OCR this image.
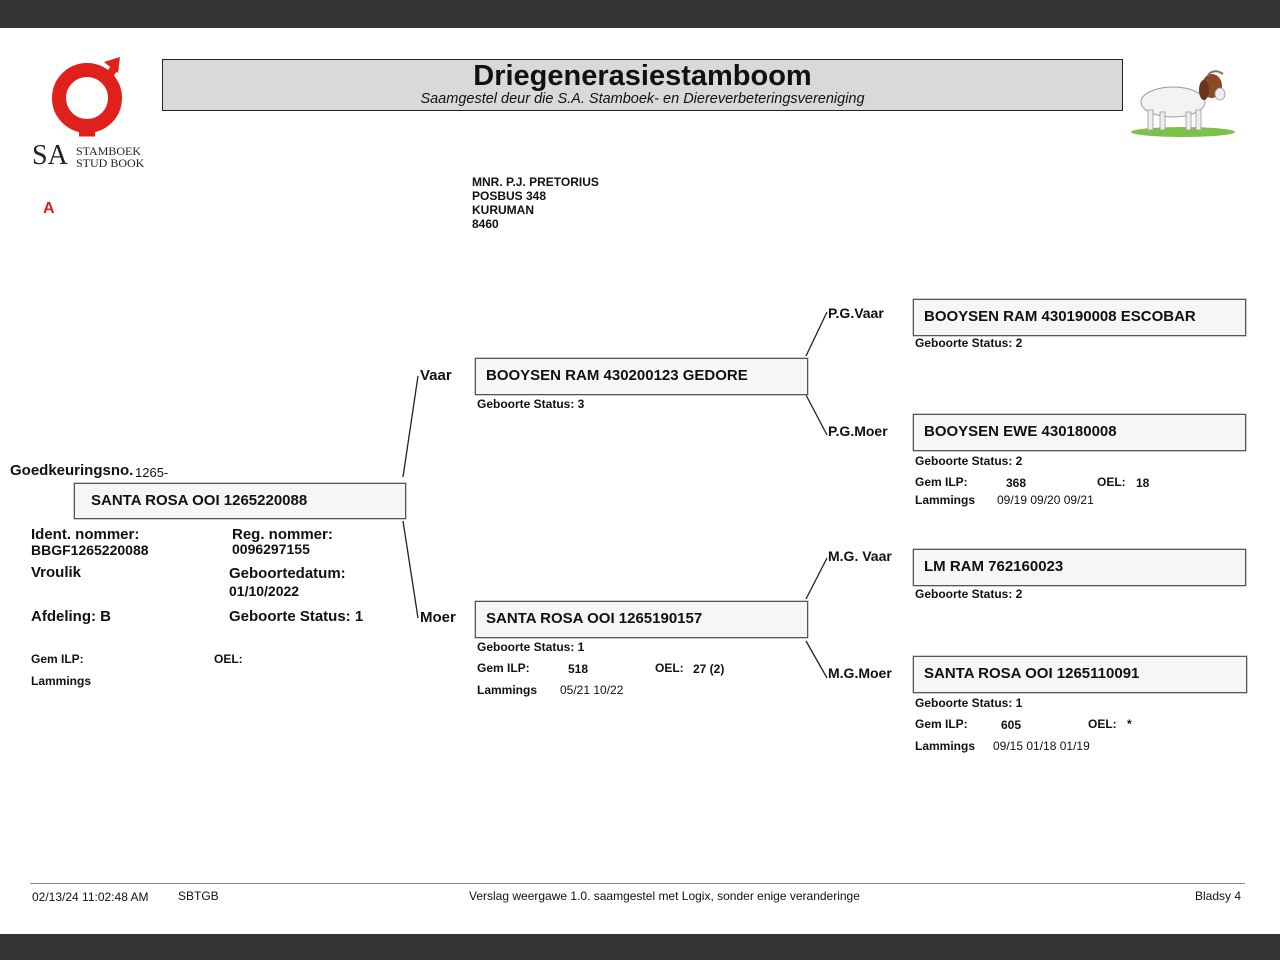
SA STAMBOEK
STUD BOOK
A
Driegenerasiestamboom
Saamgestel deur die S.A. Stamboek- en Diereverbeteringsvereniging
MNR. P.J. PRETORIUS
POSBUS 348
KURUMAN
8460
Goedkeuringsno. 1265-
SANTA ROSA OOI 1265220088
Ident. nommer:
BBGF1265220088
Reg. nommer:
0096297155
Vroulik	Geboortedatum:
01/10/2022
Afdeling: B	Geboorte Status: 1
Gem ILP:	OEL:
Lammings
Vaar BOOYSEN RAM 430200123 GEDORE
Geboorte Status: 3
Moer SANTA ROSA OOI 1265190157
Geboorte Status: 1
Gem ILP:	518	OEL: 27 (2)
Lammings 05/21 10/22
P.G.Vaar	BOOYSEN RAM 430190008 ESCOBAR
Geboorte Status: 2
P.G.Moer BOOYSEN EWE 430180008
Geboorte Status: 2
Gem ILP:	368	OEL: 18
Lammings 09/19 09/20 09/21
M.G. Vaar
LM RAM 762160023
Geboorte Status: 2
M.G.Moer SANTA ROSA OOI 1265110091
Geboorte Status: 1
Gem ILP:	605	OEL: *
Lammings 09/15 01/18 01/19
02/13/24 11:02:48 AM SBTGB	Verslag weergawe 1.0. saamgestel met Logix, sonder enige veranderinge	Bladsy 4
